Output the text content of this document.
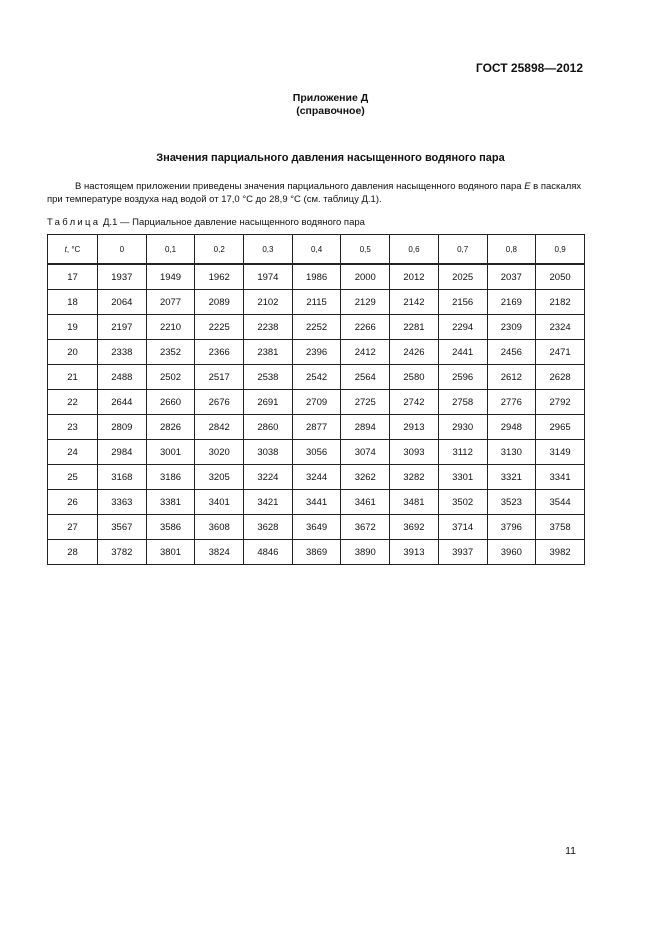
ГОСТ 25898—2012
Приложение Д
(справочное)
Значения парциального давления насыщенного водяного пара
В настоящем приложении приведены значения парциального давления насыщенного водяного пара E в паскалях при температуре воздуха над водой от 17,0 °С до 28,9 °С (см. таблицу Д.1).
Таблица Д.1 — Парциальное давление насыщенного водяного пара
t, °С	0	0,1	0,2	0,3	0,4	0,5	0,6	0,7	0,8	0,9
17	1937	1949	1962	1974	1986	2000	2012	2025	2037	2050
18	2064	2077	2089	2102	2115	2129	2142	2156	2169	2182
19	2197	2210	2225	2238	2252	2266	2281	2294	2309	2324
20	2338	2352	2366	2381	2396	2412	2426	2441	2456	2471
21	2488	2502	2517	2538	2542	2564	2580	2596	2612	2628
22	2644	2660	2676	2691	2709	2725	2742	2758	2776	2792
23	2809	2826	2842	2860	2877	2894	2913	2930	2948	2965
24	2984	3001	3020	3038	3056	3074	3093	3112	3130	3149
25	3168	3186	3205	3224	3244	3262	3282	3301	3321	3341
26	3363	3381	3401	3421	3441	3461	3481	3502	3523	3544
27	3567	3586	3608	3628	3649	3672	3692	3714	3796	3758
28	3782	3801	3824	4846	3869	3890	3913	3937	3960	3982
11
